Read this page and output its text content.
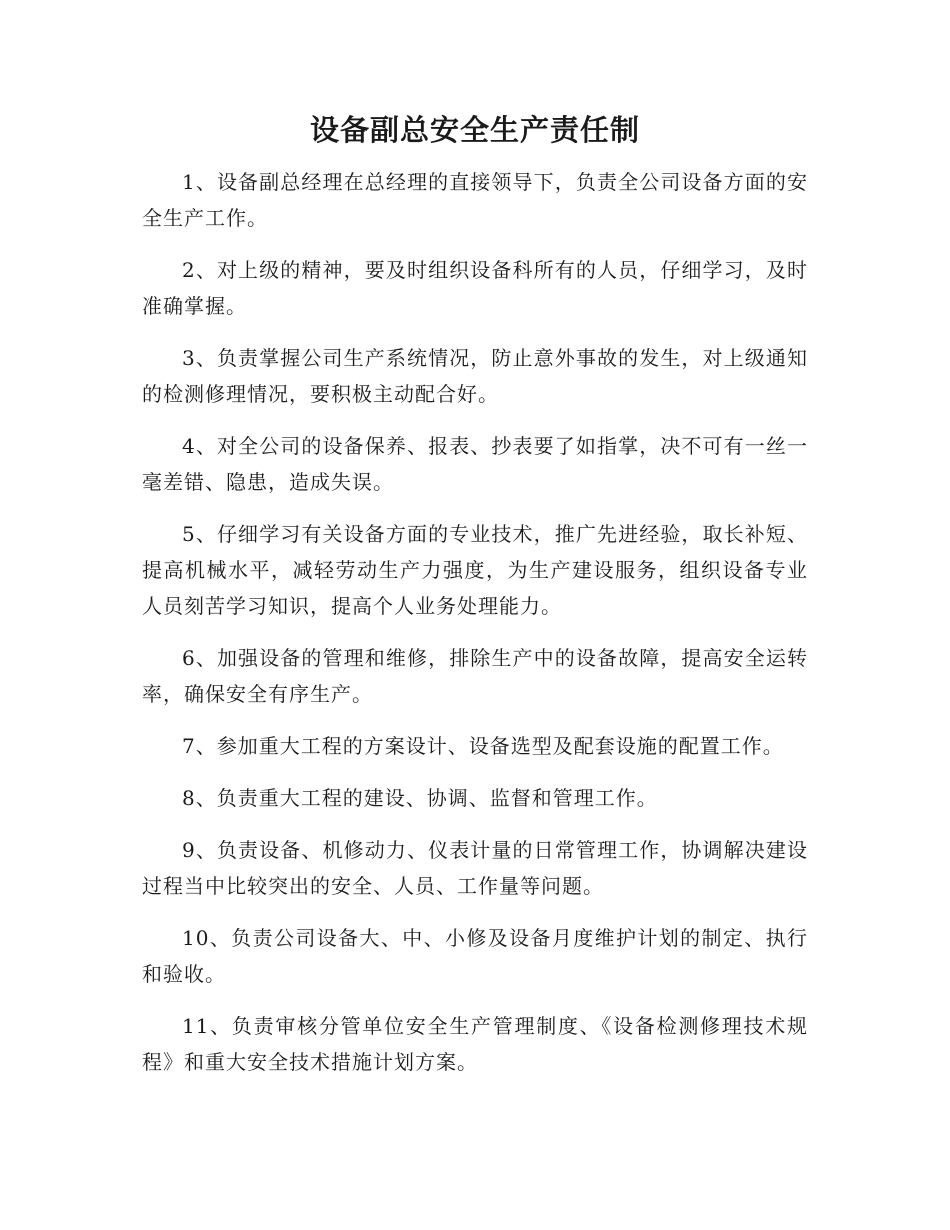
设备副总安全生产责任制

1、设备副总经理在总经理的直接领导下，负责全公司设备方面的安全生产工作。

2、对上级的精神，要及时组织设备科所有的人员，仔细学习，及时准确掌握。

3、负责掌握公司生产系统情况，防止意外事故的发生，对上级通知的检测修理情况，要积极主动配合好。

4、对全公司的设备保养、报表、抄表要了如指掌，决不可有一丝一毫差错、隐患，造成失误。

5、仔细学习有关设备方面的专业技术，推广先进经验，取长补短、提高机械水平，减轻劳动生产力强度，为生产建设服务，组织设备专业人员刻苦学习知识，提高个人业务处理能力。

6、加强设备的管理和维修，排除生产中的设备故障，提高安全运转率，确保安全有序生产。

7、参加重大工程的方案设计、设备选型及配套设施的配置工作。

8、负责重大工程的建设、协调、监督和管理工作。

9、负责设备、机修动力、仪表计量的日常管理工作，协调解决建设过程当中比较突出的安全、人员、工作量等问题。

10、负责公司设备大、中、小修及设备月度维护计划的制定、执行和验收。

11、负责审核分管单位安全生产管理制度、《设备检测修理技术规程》和重大安全技术措施计划方案。
